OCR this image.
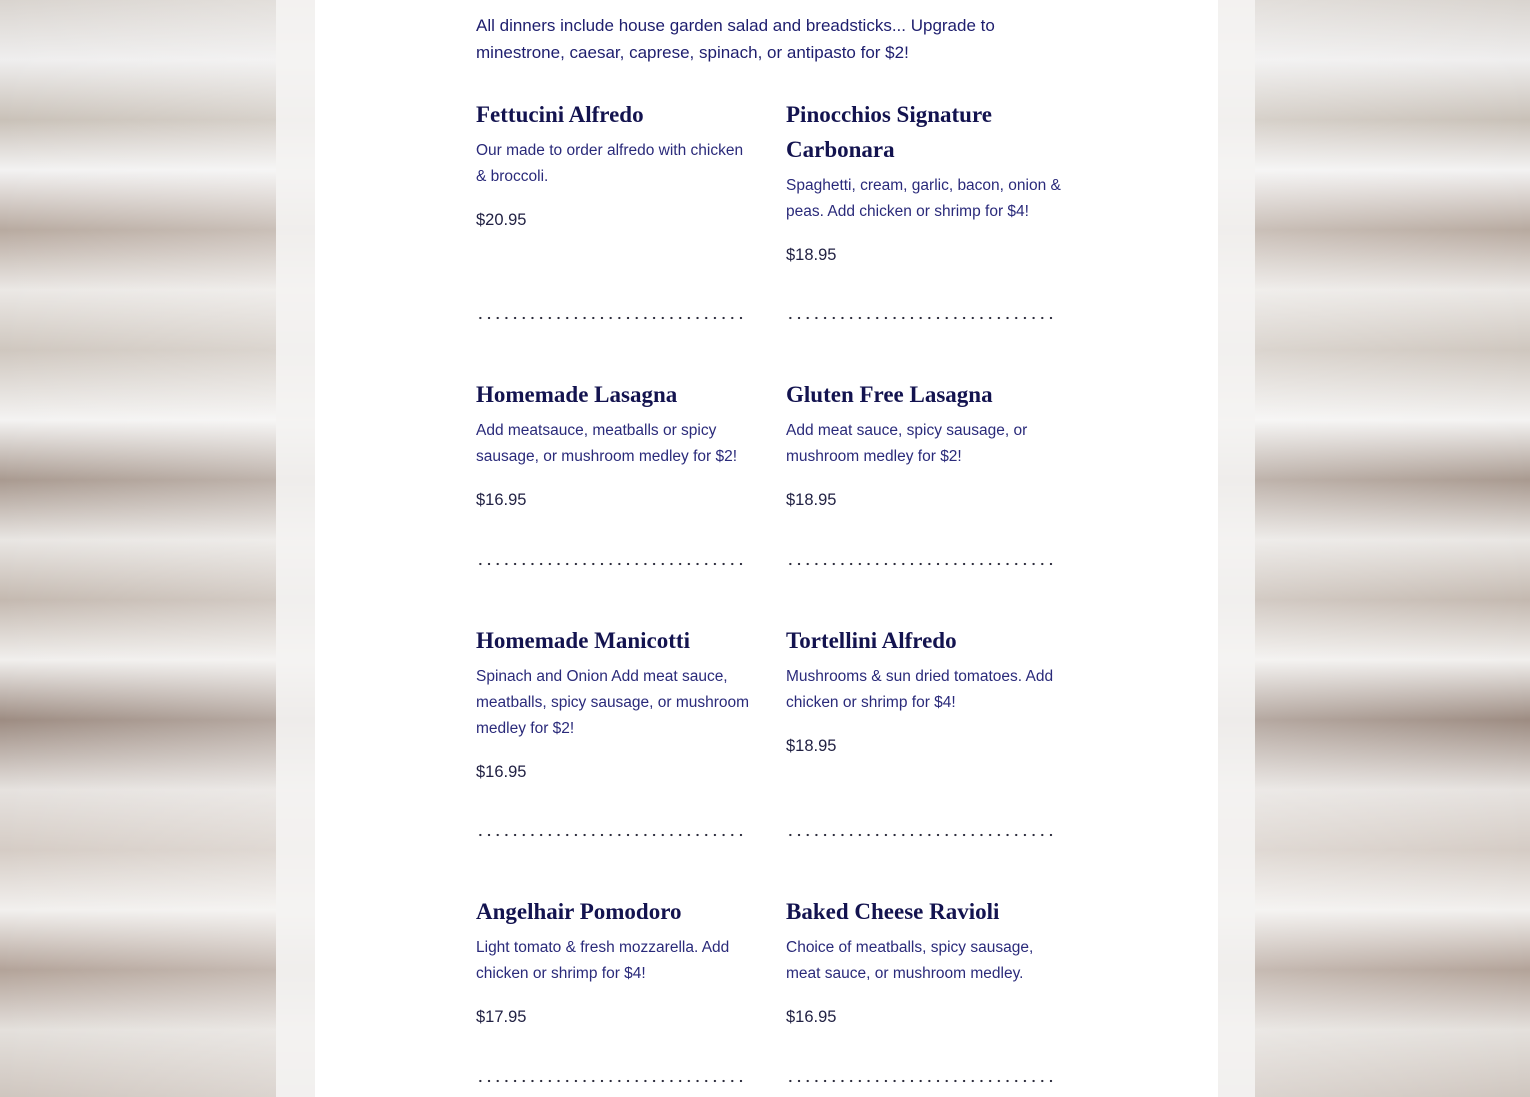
All dinners include house garden salad and breadsticks... Upgrade to minestrone, caesar, caprese, spinach, or antipasto for $2!
Fettucini Alfredo
Our made to order alfredo with chicken & broccoli.
$20.95
Pinocchios Signature Carbonara
Spaghetti, cream, garlic, bacon, onion & peas. Add chicken or shrimp for $4!
$18.95
Homemade Lasagna
Add meatsauce, meatballs or spicy sausage, or mushroom medley for $2!
$16.95
Gluten Free Lasagna
Add meat sauce, spicy sausage, or mushroom medley for $2!
$18.95
Homemade Manicotti
Spinach and Onion Add meat sauce, meatballs, spicy sausage, or mushroom medley for $2!
$16.95
Tortellini Alfredo
Mushrooms & sun dried tomatoes. Add chicken or shrimp for $4!
$18.95
Angelhair Pomodoro
Light tomato & fresh mozzarella. Add chicken or shrimp for $4!
$17.95
Baked Cheese Ravioli
Choice of meatballs, spicy sausage, meat sauce, or mushroom medley.
$16.95
